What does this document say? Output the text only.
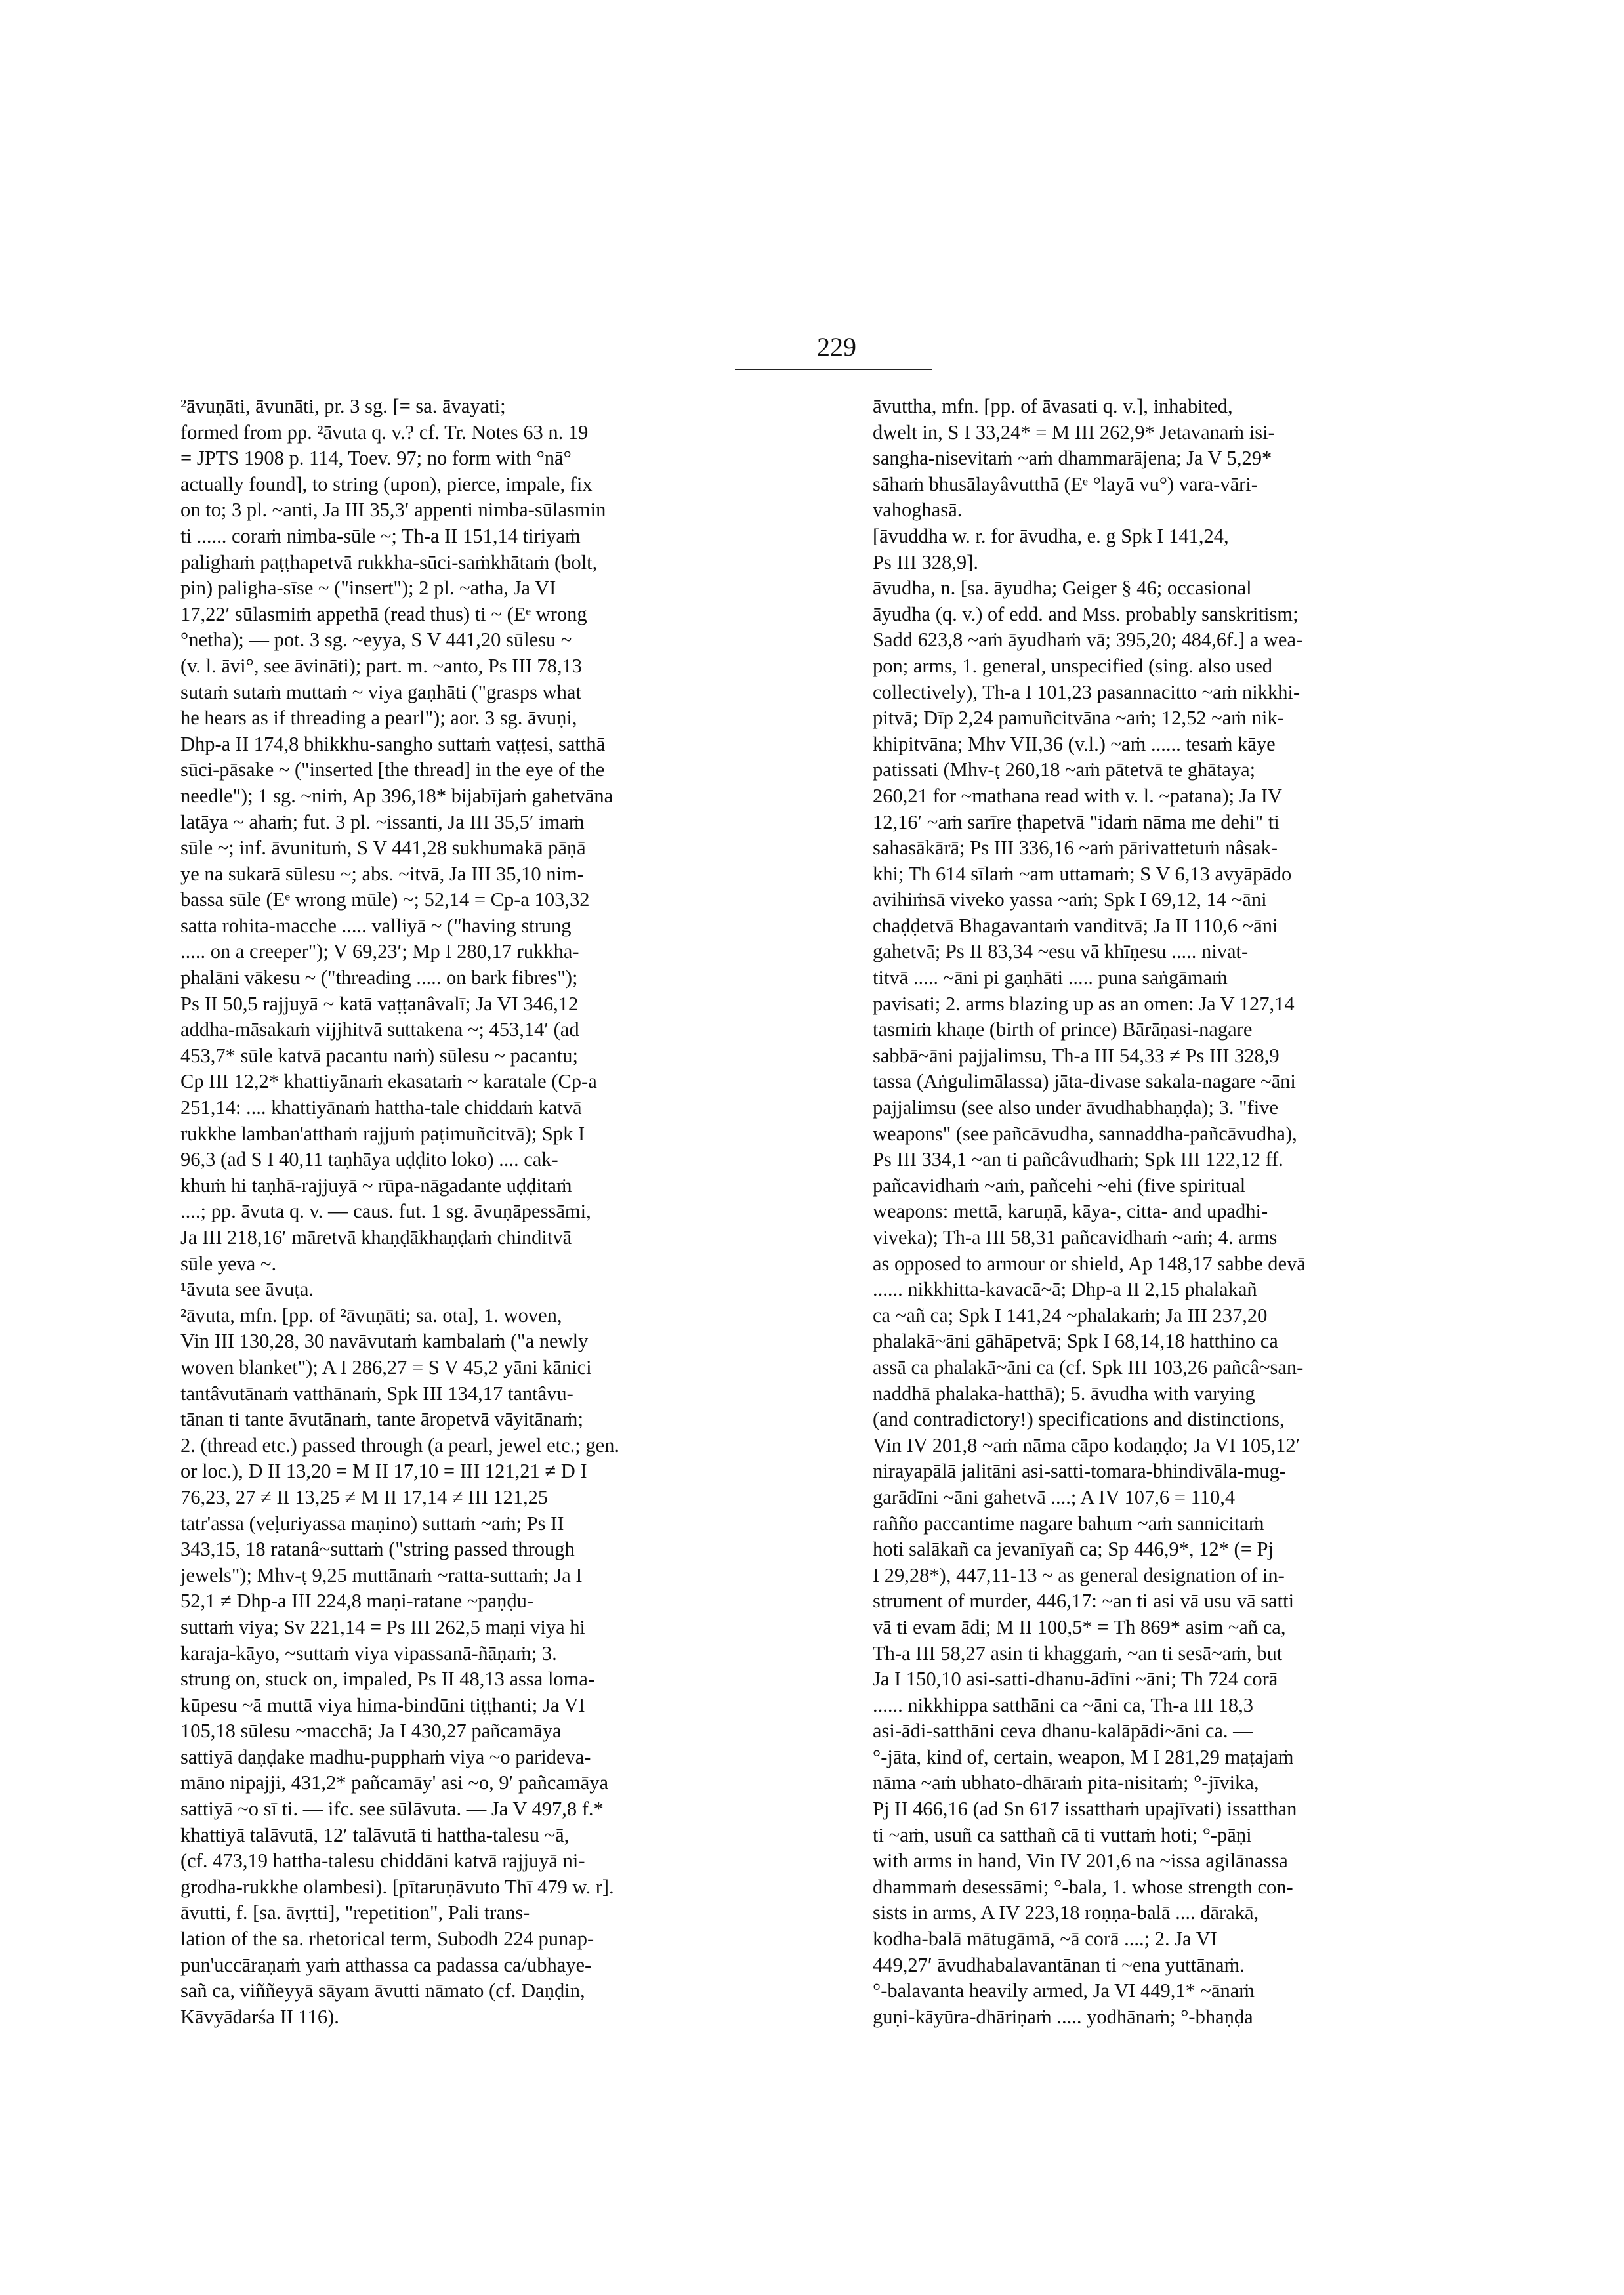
229
²āvuṇāti, āvunāti, pr. 3 sg. [= sa. āvayati;
formed from pp. ²āvuta q. v.? cf. Tr. Notes 63 n. 19
= JPTS 1908 p. 114, Toev. 97; no form with °nā°
actually found], to string (upon), pierce, impale, fix
on to; 3 pl. ~anti, Ja III 35,3′ appenti nimba-sūlasmin
ti ...... coraṁ nimba-sūle ~; Th-a II 151,14 tiriyaṁ
palighaṁ paṭṭhapetvā rukkha-sūci-saṁkhātaṁ (bolt,
pin) paligha-sīse ~ ("insert"); 2 pl. ~atha, Ja VI
17,22′ sūlasmiṁ appethā (read thus) ti ~ (Eᵉ wrong
°netha); — pot. 3 sg. ~eyya, S V 441,20 sūlesu ~
(v. l. āvi°, see āvināti); part. m. ~anto, Ps III 78,13
sutaṁ sutaṁ muttaṁ ~ viya gaṇhāti ("grasps what
he hears as if threading a pearl"); aor. 3 sg. āvuṇi,
Dhp-a II 174,8 bhikkhu-sangho suttaṁ vaṭṭesi, satthā
sūci-pāsake ~ ("inserted [the thread] in the eye of the
needle"); 1 sg. ~niṁ, Ap 396,18* bijabījaṁ gahetvāna
latāya ~ ahaṁ; fut. 3 pl. ~issanti, Ja III 35,5′ imaṁ
sūle ~; inf. āvunituṁ, S V 441,28 sukhumakā pāṇā
ye na sukarā sūlesu ~; abs. ~itvā, Ja III 35,10 nim-
bassa sūle (Eᵉ wrong mūle) ~; 52,14 = Cp-a 103,32
satta rohita-macche ..... valliyā ~ ("having strung
..... on a creeper"); V 69,23′; Mp I 280,17 rukkha-
phalāni vākesu ~ ("threading ..... on bark fibres");
Ps II 50,5 rajjuyā ~ katā vaṭṭanâvalī; Ja VI 346,12
addha-māsakaṁ vijjhitvā suttakena ~; 453,14′ (ad
453,7* sūle katvā pacantu naṁ) sūlesu ~ pacantu;
Cp III 12,2* khattiyānaṁ ekasataṁ ~ karatale (Cp-a
251,14: .... khattiyānaṁ hattha-tale chiddaṁ katvā
rukkhe lamban'atthaṁ rajjuṁ paṭimuñcitvā); Spk I
96,3 (ad S I 40,11 taṇhāya uḍḍito loko) .... cak-
khuṁ hi taṇhā-rajjuyā ~ rūpa-nāgadante uḍḍitaṁ
....; pp. āvuta q. v. — caus. fut. 1 sg. āvuṇāpessāmi,
Ja III 218,16′ māretvā khaṇḍākhaṇḍaṁ chinditvā
sūle yeva ~.
¹āvuta see āvuṭa.
²āvuta, mfn. [pp. of ²āvuṇāti; sa. ota], 1. woven,
Vin III 130,28, 30 navāvutaṁ kambalaṁ ("a newly
woven blanket"); A I 286,27 = S V 45,2 yāni kānici
tantâvutānaṁ vatthānaṁ, Spk III 134,17 tantâvu-
tānan ti tante āvutānaṁ, tante āropetvā vāyitānaṁ;
2. (thread etc.) passed through (a pearl, jewel etc.; gen.
or loc.), D II 13,20 = M II 17,10 = III 121,21 ≠ D I
76,23, 27 ≠ II 13,25 ≠ M II 17,14 ≠ III 121,25
tatr'assa (veḷuriyassa maṇino) suttaṁ ~aṁ; Ps II
343,15, 18 ratanâ~suttaṁ ("string passed through
jewels"); Mhv-ṭ 9,25 muttānaṁ ~ratta-suttaṁ; Ja I
52,1 ≠ Dhp-a III 224,8 maṇi-ratane ~paṇḍu-
suttaṁ viya; Sv 221,14 = Ps III 262,5 maṇi viya hi
karaja-kāyo, ~suttaṁ viya vipassanā-ñāṇaṁ; 3.
strung on, stuck on, impaled, Ps II 48,13 assa loma-
kūpesu ~ā muttā viya hima-bindūni tiṭṭhanti; Ja VI
105,18 sūlesu ~macchā; Ja I 430,27 pañcamāya
sattiyā daṇḍake madhu-pupphaṁ viya ~o parideva-
māno nipajji, 431,2* pañcamāy' asi ~o, 9′ pañcamāya
sattiyā ~o sī ti. — ifc. see sūlāvuta. — Ja V 497,8 f.*
khattiyā talāvutā, 12′ talāvutā ti hattha-talesu ~ā,
(cf. 473,19 hattha-talesu chiddāni katvā rajjuyā ni-
grodha-rukkhe olambesi). [pītaruṇāvuto Thī 479 w. r].
āvutti, f. [sa. āvṛtti], "repetition", Pali trans-
lation of the sa. rhetorical term, Subodh 224 punap-
pun'uccāraṇaṁ yaṁ atthassa ca padassa ca/ubhaye-
sañ ca, viññeyyā sāyam āvutti nāmato (cf. Daṇḍin,
Kāvyādarśa II 116).
āvuttha, mfn. [pp. of āvasati q. v.], inhabited,
dwelt in, S I 33,24* = M III 262,9* Jetavanaṁ isi-
sangha-nisevitaṁ ~aṁ dhammarājena; Ja V 5,29*
sāhaṁ bhusālayâvutthā (Eᵉ °layā vu°) vara-vāri-
vahoghasā.
[āvuddha w. r. for āvudha, e. g Spk I 141,24,
Ps III 328,9].
āvudha, n. [sa. āyudha; Geiger § 46; occasional
āyudha (q. v.) of edd. and Mss. probably sanskritism;
Sadd 623,8 ~aṁ āyudhaṁ vā; 395,20; 484,6f.] a wea-
pon; arms, 1. general, unspecified (sing. also used
collectively), Th-a I 101,23 pasannacitto ~aṁ nikkhi-
pitvā; Dīp 2,24 pamuñcitvāna ~aṁ; 12,52 ~aṁ nik-
khipitvāna; Mhv VII,36 (v.l.) ~aṁ ...... tesaṁ kāye
patissati (Mhv-ṭ 260,18 ~aṁ pātetvā te ghātaya;
260,21 for ~mathana read with v. l. ~patana); Ja IV
12,16′ ~aṁ sarīre ṭhapetvā "idaṁ nāma me dehi" ti
sahasākārā; Ps III 336,16 ~aṁ pārivattetuṁ nâsak-
khi; Th 614 sīlaṁ ~am uttamaṁ; S V 6,13 avyāpādo
avihiṁsā viveko yassa ~aṁ; Spk I 69,12, 14 ~āni
chaḍḍetvā Bhagavantaṁ vanditvā; Ja II 110,6 ~āni
gahetvā; Ps II 83,34 ~esu vā khīṇesu ..... nivat-
titvā ..... ~āni pi gaṇhāti ..... puna saṅgāmaṁ
pavisati; 2. arms blazing up as an omen: Ja V 127,14
tasmiṁ khaṇe (birth of prince) Bārāṇasi-nagare
sabbā~āni pajjalimsu, Th-a III 54,33 ≠ Ps III 328,9
tassa (Aṅgulimālassa) jāta-divase sakala-nagare ~āni
pajjalimsu (see also under āvudhabhaṇḍa); 3. "five
weapons" (see pañcāvudha, sannaddha-pañcāvudha),
Ps III 334,1 ~an ti pañcâvudhaṁ; Spk III 122,12 ff.
pañcavidhaṁ ~aṁ, pañcehi ~ehi (five spiritual
weapons: mettā, karuṇā, kāya-, citta- and upadhi-
viveka); Th-a III 58,31 pañcavidhaṁ ~aṁ; 4. arms
as opposed to armour or shield, Ap 148,17 sabbe devā
...... nikkhitta-kavacā~ā; Dhp-a II 2,15 phalakañ
ca ~añ ca; Spk I 141,24 ~phalakaṁ; Ja III 237,20
phalakā~āni gāhāpetvā; Spk I 68,14,18 hatthino ca
assā ca phalakā~āni ca (cf. Spk III 103,26 pañcâ~san-
naddhā phalaka-hatthā); 5. āvudha with varying
(and contradictory!) specifications and distinctions,
Vin IV 201,8 ~aṁ nāma cāpo kodaṇḍo; Ja VI 105,12′
nirayapālā jalitāni asi-satti-tomara-bhindivāla-mug-
garādīni ~āni gahetvā ....; A IV 107,6 = 110,4
rañño paccantime nagare bahum ~aṁ sannicitaṁ
hoti salākañ ca jevanīyañ ca; Sp 446,9*, 12* (= Pj
I 29,28*), 447,11-13 ~ as general designation of in-
strument of murder, 446,17: ~an ti asi vā usu vā satti
vā ti evam ādi; M II 100,5* = Th 869* asim ~añ ca,
Th-a III 58,27 asin ti khaggaṁ, ~an ti sesā~aṁ, but
Ja I 150,10 asi-satti-dhanu-ādīni ~āni; Th 724 corā
...... nikkhippa satthāni ca ~āni ca, Th-a III 18,3
asi-ādi-satthāni ceva dhanu-kalāpādi~āni ca. —
°-jāta, kind of, certain, weapon, M I 281,29 maṭajaṁ
nāma ~aṁ ubhato-dhāraṁ pita-nisitaṁ; °-jīvika,
Pj II 466,16 (ad Sn 617 issatthaṁ upajīvati) issatthan
ti ~aṁ, usuñ ca satthañ cā ti vuttaṁ hoti; °-pāṇi
with arms in hand, Vin IV 201,6 na ~issa agilānassa
dhammaṁ desessāmi; °-bala, 1. whose strength con-
sists in arms, A IV 223,18 roṇṇa-balā .... dārakā,
kodha-balā mātugāmā, ~ā corā ....; 2. Ja VI
449,27′ āvudhabalavantānan ti ~ena yuttānaṁ.
°-balavanta heavily armed, Ja VI 449,1* ~ānaṁ
guṇi-kāyūra-dhāriṇaṁ ..... yodhānaṁ; °-bhaṇḍa
